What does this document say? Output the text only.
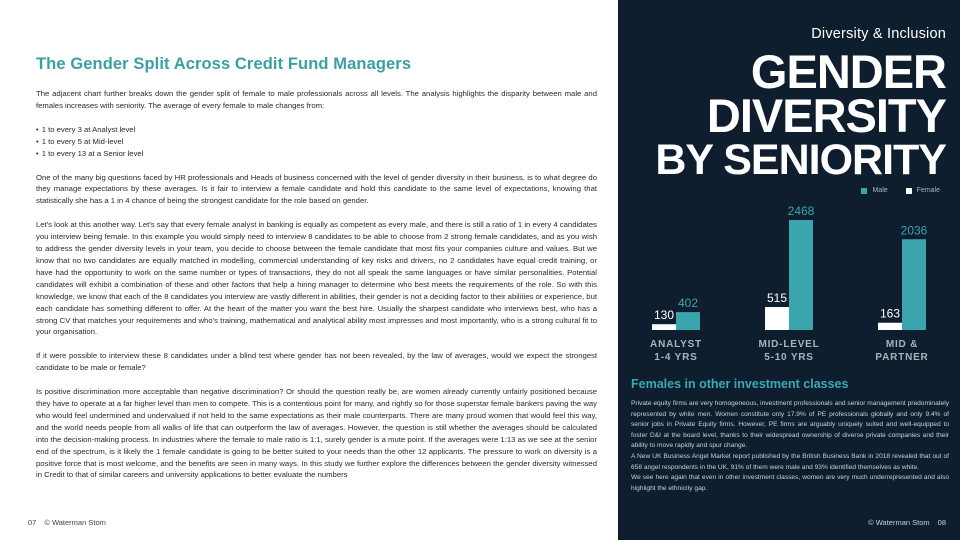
The Gender Split Across Credit Fund Managers

The adjacent chart further breaks down the gender split of female to male professionals across all levels. The analysis highlights the disparity between male and females increases with seniority. The average of every female to male changes from:

• 1 to every 3 at Analyst level
• 1 to every 5 at Mid-level
• 1 to every 13 at a Senior level

One of the many big questions faced by HR professionals and Heads of business concerned with the level of gender diversity in their business, is to what degree do they manage expectations by these averages. Is it fair to interview a female candidate and hold this candidate to the same level of expectations, knowing that statistically she has a 1 in 4 chance of being the strongest candidate for the role based on gender.

Let's look at this another way. Let's say that every female analyst in banking is equally as competent as every male, and there is still a ratio of 1 in every 4 candidates you interview being female. In this example you would simply need to interview 8 candidates to be able to choose from 2 strong female candidates, and as you wish to address the gender diversity levels in your team, you decide to choose between the female candidate that most fits your companies culture and values. But we know that no two candidates are equally matched in modelling, commercial understanding of key risks and drivers, no 2 candidates have equal credit training, or have had the opportunity to work on the same number or types of transactions, they do not all speak the same languages or have similar personalities. Potential candidates will exhibit a combination of these and other factors that help a hiring manager to determine who best meets the requirements of the role. So with this knowledge, we know that each of the 8 candidates you interview are vastly different in abilities, their gender is not a deciding factor to their abilities or experience, but each candidate has something different to offer. At the heart of the matter you want the best hire. Usually the sharpest candidate who interviews best, who has a strong CV that matches your requirements and who's training, mathematical and analytical ability most impresses and most importantly, who is a strong cultural fit to your organisation.

If it were possible to interview these 8 candidates under a blind test where gender has not been revealed, by the law of averages, would we expect the strongest candidate to be male or female?

Is positive discrimination more acceptable than negative discrimination? Or should the question really be, are women already currently unfairly positioned because they have to operate at a far higher level than men to compete. This is a contentious point for many, and rightly so for those superstar female bankers paving the way who would feel undermined and undervalued if not held to the same expectations as their male counterparts. There are many proud women that would feel this way, and the world needs people from all walks of life that can outperform the law of averages. However, the question is still whether the averages should be calculated into the decision-making process. In industries where the female to male ratio is 1:1, surely gender is a mute point. If the averages were 1:13 as we see at the senior end of the spectrum, is it likely the 1 female candidate is going to be better suited to your needs than the other 12 applicants. The pressure to work on diversity is a positive force that is most welcome, and the benefits are seen in many ways. In this study we further explore the differences between the gender diversity witnessed in Credit to that of similar careers and university applications to better evaluate the numbers

07 © Waterman Stom
Diversity & Inclusion
GENDER
DIVERSITY
BY SENIORITY
Male	Female
130
402
ANALYST
1-4 YRS
515
2468
MID-LEVEL
5-10 YRS
163
2036
MID &
PARTNER
Females in other investment classes

Private equity firms are very homogeneous, investment professionals and senior management predominately represented by white men. Women constitute only 17.9% of PE professionals globally and only 9.4% of senior jobs in Private Equity firms. However, PE firms are arguably uniquely suited and well-equipped to foster D&I at the board level, thanks to their widespread ownership of diverse private companies and their ability to move rapidly and spur change.

A New UK Business Angel Market report published by the British Business Bank in 2018 revealed that out of 658 angel respondents in the UK, 91% of them were male and 93% identified themselves as white.

We see here again that even in other investment classes, women are very much underrepresented and also highlight the ethnicity gap.

© Waterman Stom 08
